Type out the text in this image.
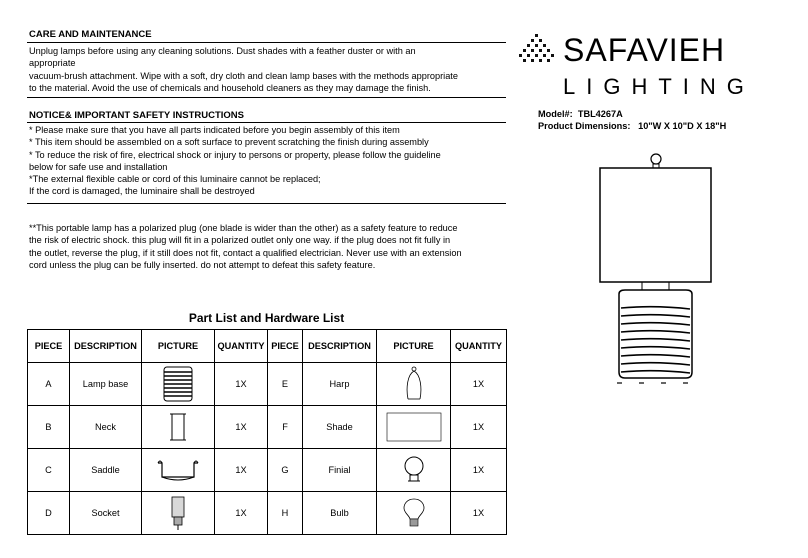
CARE AND MAINTENANCE
Unplug lamps before using any cleaning solutions. Dust shades with a feather duster or with an
appropriate
vacuum-brush attachment. Wipe with a soft, dry cloth and clean lamp bases with the methods appropriate
to the material. Avoid the use of chemicals and household cleaners as they may damage the finish.
NOTICE& IMPORTANT SAFETY INSTRUCTIONS
* Please make sure that you have all parts indicated before you begin assembly of this item
* This item should be assembled on a soft surface to prevent scratching the finish during assembly
* To reduce the risk of fire, electrical shock or injury to persons or property, please follow the guideline
below for safe use and installation
*The external flexible cable or cord of this luminaire cannot be replaced;
If the cord is damaged, the luminaire shall be destroyed
**This portable lamp has a polarized plug (one blade is wider than the other) as a safety feature to reduce
the risk of electric shock. this plug will fit in a polarized outlet only one way. if the plug does not fit fully in
the outlet, reverse the plug, if it still does not fit, contact a qualified electrician. Never use with an extension
cord unless the plug can be fully inserted. do not attempt to defeat this safety feature.
SAFAVIEH
LIGHTING
Model#: TBL4267A
Product Dimensions: 10"W X 10"D X 18"H
Part List and Hardware List
PIECE	DESCRIPTION	PICTURE	QUANTITY	PIECE	DESCRIPTION	PICTURE	QUANTITY
A	Lamp base		1X	E	Harp		1X
B	Neck		1X	F	Shade		1X
C	Saddle		1X	G	Finial		1X
D	Socket		1X	H	Bulb		1X
